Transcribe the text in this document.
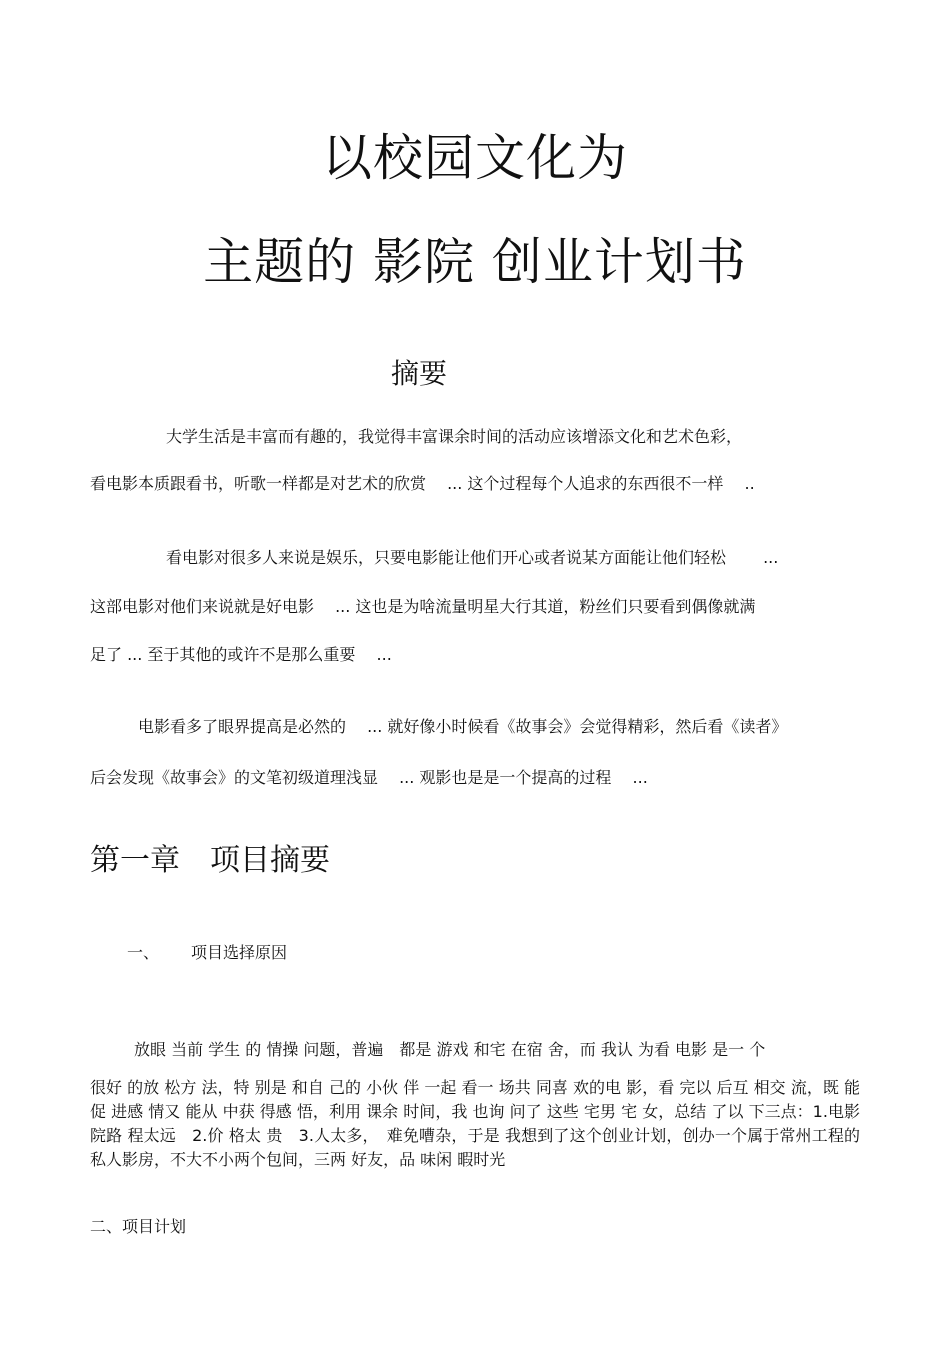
以校园文化为
主题的 影院 创业计划书
摘要
大学生活是丰富而有趣的，我觉得丰富课余时间的活动应该增添文化和艺术色彩，
看电影本质跟看书，听歌一样都是对艺术的欣赏　 ... 这个过程每个人追求的东西很不一样　 ..
看电影对很多人来说是娱乐，只要电影能让他们开心或者说某方面能让他们轻松　　 ...
这部电影对他们来说就是好电影　 ... 这也是为啥流量明星大行其道，粉丝们只要看到偶像就满
足了 ... 至于其他的或许不是那么重要　 ...
电影看多了眼界提高是必然的　 ... 就好像小时候看《故事会》会觉得精彩，然后看《读者》
后会发现《故事会》的文笔初级道理浅显　 ... 观影也是是一个提高的过程　 ...
第一章　项目摘要
一、 项目选择原因
放眼 当前 学生 的 情操 问题，普遍　都是 游戏 和宅 在宿 舍，而 我认 为看 电影 是一 个
很好 的放 松方 法，特 别是 和自 己的 小伙 伴 一起 看一 场共 同喜 欢的电 影，看 完以 后互 相交 流，既 能促 进感 情又 能从 中获 得感 悟，利用 课余 时间，我 也询 问了 这些 宅男 宅 女，总结 了以 下三点：1.电影院路 程太远　2.价 格太 贵　3.人太多，　难免嘈杂，于是 我想到了这个创业计划，创办一个属于常州工程的私人影房，不大不小两个包间，三两 好友，品 味闲 暇时光
二、项目计划
